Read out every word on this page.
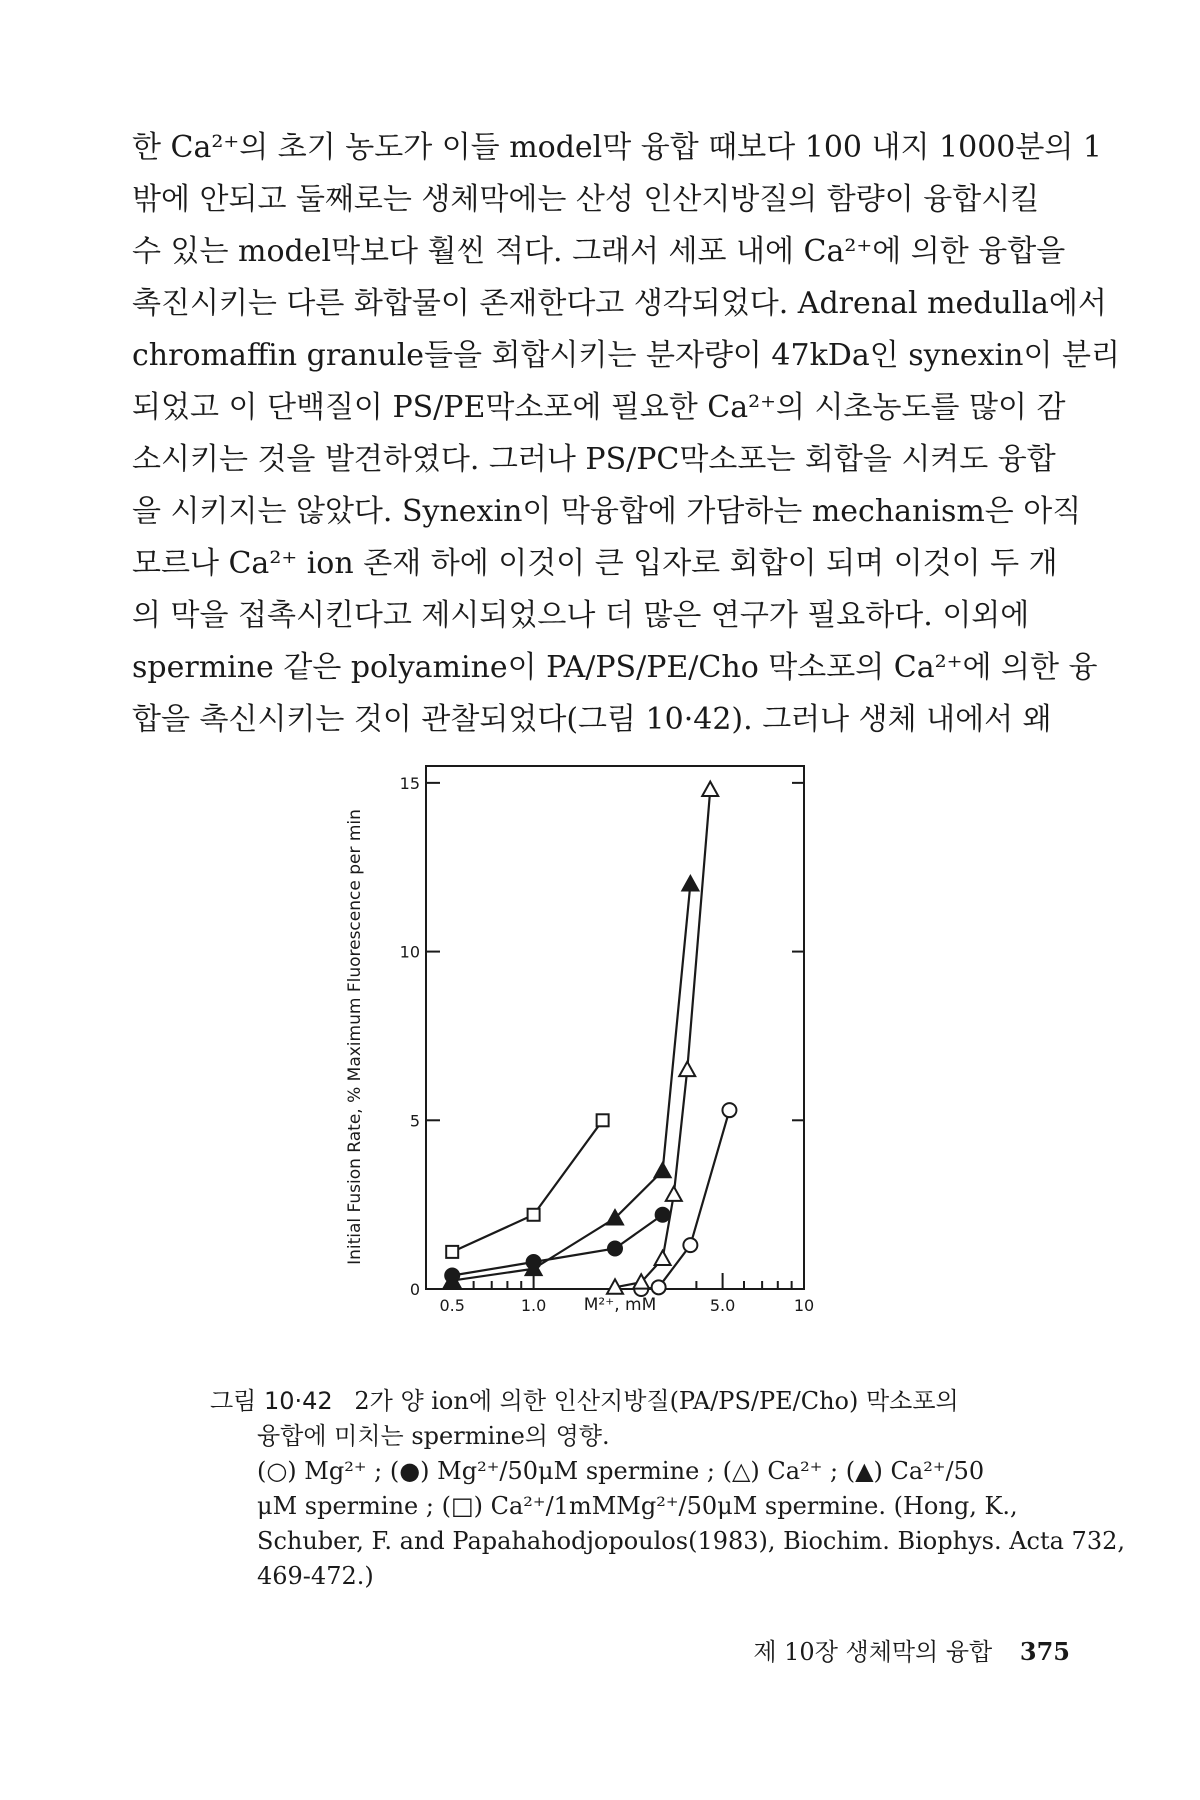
한 Ca²⁺의 초기 농도가 이들 model막 융합 때보다 100 내지 1000분의 1
밖에 안되고 둘째로는 생체막에는 산성 인산지방질의 함량이 융합시킬
수 있는 model막보다 훨씬 적다. 그래서 세포 내에 Ca²⁺에 의한 융합을
촉진시키는 다른 화합물이 존재한다고 생각되었다. Adrenal medulla에서
chromaffin granule들을 회합시키는 분자량이 47kDa인 synexin이 분리
되었고 이 단백질이 PS/PE막소포에 필요한 Ca²⁺의 시초농도를 많이 감
소시키는 것을 발견하였다. 그러나 PS/PC막소포는 회합을 시켜도 융합
을 시키지는 않았다. Synexin이 막융합에 가담하는 mechanism은 아직
모르나 Ca²⁺ ion 존재 하에 이것이 큰 입자로 회합이 되며 이것이 두 개
의 막을 접촉시킨다고 제시되었으나 더 많은 연구가 필요하다. 이외에
spermine 같은 polyamine이 PA/PS/PE/Cho 막소포의 Ca²⁺에 의한 융
합을 촉신시키는 것이 관찰되었다(그림 10·42). 그러나 생체 내에서 왜
0
5
10
15
0.5	1.0	5.0	10
Initial Fusion Rate, % Maximum Fluorescence per min
M²⁺, mM
그림 10·42 2가 양 ion에 의한 인산지방질(PA/PS/PE/Cho) 막소포의
융합에 미치는 spermine의 영향.
(○) Mg²⁺ ; (●) Mg²⁺/50μM spermine ; (△) Ca²⁺ ; (▲) Ca²⁺/50
μM spermine ; (□) Ca²⁺/1mMMg²⁺/50μM spermine. (Hong, K.,
Schuber, F. and Papahahodjopoulos(1983), Biochim. Biophys. Acta 732,
469-472.)
제 10장 생체막의 융합 375
